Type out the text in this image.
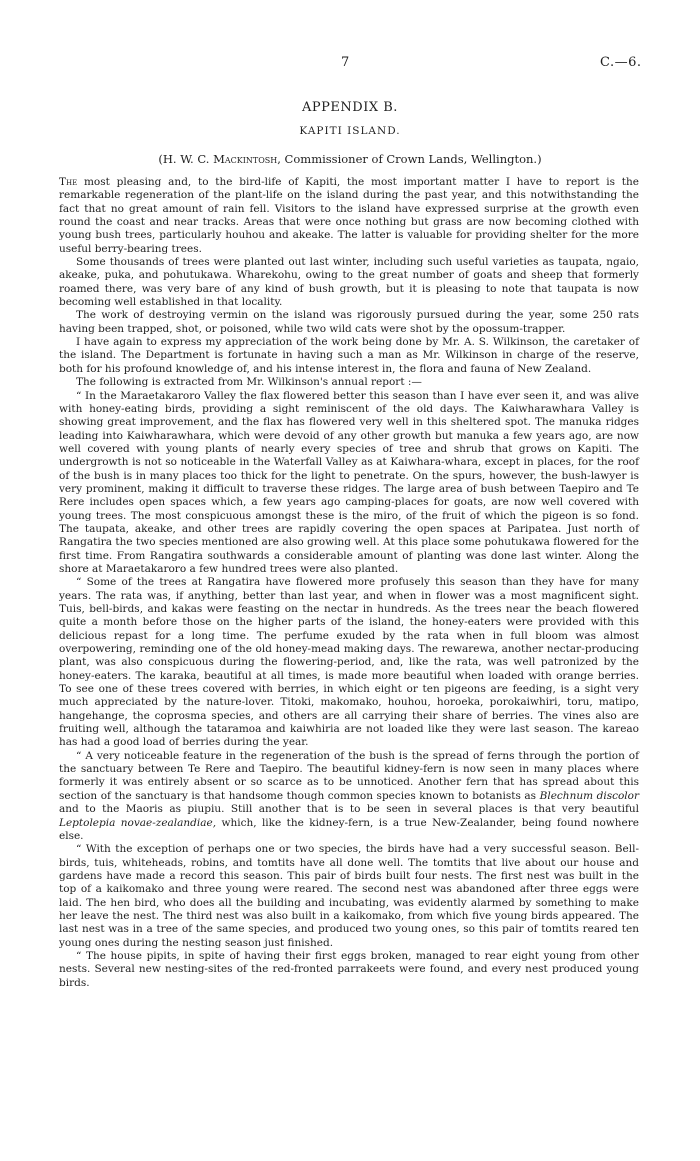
7	C.—6.
APPENDIX B.
KAPITI ISLAND.
(H. W. C. Mackintosh, Commissioner of Crown Lands, Wellington.)

The most pleasing and, to the bird-life of Kapiti, the most important matter I have to report is the remarkable regeneration of the plant-life on the island during the past year, and this notwithstanding the fact that no great amount of rain fell. Visitors to the island have expressed surprise at the growth even round the coast and near tracks. Areas that were once nothing but grass are now becoming clothed with young bush trees, particularly houhou and akeake. The latter is valuable for providing shelter for the more useful berry-bearing trees.

Some thousands of trees were planted out last winter, including such useful varieties as taupata, ngaio, akeake, puka, and pohutukawa. Wharekohu, owing to the great number of goats and sheep that formerly roamed there, was very bare of any kind of bush growth, but it is pleasing to note that taupata is now becoming well established in that locality.

The work of destroying vermin on the island was rigorously pursued during the year, some 250 rats having been trapped, shot, or poisoned, while two wild cats were shot by the opossum-trapper.

I have again to express my appreciation of the work being done by Mr. A. S. Wilkinson, the caretaker of the island. The Department is fortunate in having such a man as Mr. Wilkinson in charge of the reserve, both for his profound knowledge of, and his intense interest in, the flora and fauna of New Zealand.

The following is extracted from Mr. Wilkinson's annual report :—

“ In the Maraetakaroro Valley the flax flowered better this season than I have ever seen it, and was alive with honey-eating birds, providing a sight reminiscent of the old days. The Kaiwharawhara Valley is showing great improvement, and the flax has flowered very well in this sheltered spot. The manuka ridges leading into Kaiwharawhara, which were devoid of any other growth but manuka a few years ago, are now well covered with young plants of nearly every species of tree and shrub that grows on Kapiti. The undergrowth is not so noticeable in the Waterfall Valley as at Kaiwhara-whara, except in places, for the roof of the bush is in many places too thick for the light to penetrate. On the spurs, however, the bush-lawyer is very prominent, making it difficult to traverse these ridges. The large area of bush between Taepiro and Te Rere includes open spaces which, a few years ago camping-places for goats, are now well covered with young trees. The most conspicuous amongst these is the miro, of the fruit of which the pigeon is so fond. The taupata, akeake, and other trees are rapidly covering the open spaces at Paripatea. Just north of Rangatira the two species mentioned are also growing well. At this place some pohutukawa flowered for the first time. From Rangatira southwards a considerable amount of planting was done last winter. Along the shore at Maraetakaroro a few hundred trees were also planted.

“ Some of the trees at Rangatira have flowered more profusely this season than they have for many years. The rata was, if anything, better than last year, and when in flower was a most magnificent sight. Tuis, bell-birds, and kakas were feasting on the nectar in hundreds. As the trees near the beach flowered quite a month before those on the higher parts of the island, the honey-eaters were provided with this delicious repast for a long time. The perfume exuded by the rata when in full bloom was almost overpowering, reminding one of the old honey-mead making days. The rewarewa, another nectar-producing plant, was also conspicuous during the flowering-period, and, like the rata, was well patronized by the honey-eaters. The karaka, beautiful at all times, is made more beautiful when loaded with orange berries. To see one of these trees covered with berries, in which eight or ten pigeons are feeding, is a sight very much appreciated by the nature-lover. Titoki, makomako, houhou, horoeka, porokaiwhiri, toru, matipo, hangehange, the coprosma species, and others are all carrying their share of berries. The vines also are fruiting well, although the tataramoa and kaiwhiria are not loaded like they were last season. The kareao has had a good load of berries during the year.

“ A very noticeable feature in the regeneration of the bush is the spread of ferns through the portion of the sanctuary between Te Rere and Taepiro. The beautiful kidney-fern is now seen in many places where formerly it was entirely absent or so scarce as to be unnoticed. Another fern that has spread about this section of the sanctuary is that handsome though common species known to botanists as Blechnum discolor and to the Maoris as piupiu. Still another that is to be seen in several places is that very beautiful Leptolepia novae-zealandiae, which, like the kidney-fern, is a true New-Zealander, being found nowhere else.

“ With the exception of perhaps one or two species, the birds have had a very successful season. Bell-birds, tuis, whiteheads, robins, and tomtits have all done well. The tomtits that live about our house and gardens have made a record this season. This pair of birds built four nests. The first nest was built in the top of a kaikomako and three young were reared. The second nest was abandoned after three eggs were laid. The hen bird, who does all the building and incubating, was evidently alarmed by something to make her leave the nest. The third nest was also built in a kaikomako, from which five young birds appeared. The last nest was in a tree of the same species, and produced two young ones, so this pair of tomtits reared ten young ones during the nesting season just finished.

“ The house pipits, in spite of having their first eggs broken, managed to rear eight young from other nests. Several new nesting-sites of the red-fronted parrakeets were found, and every nest produced young birds.
